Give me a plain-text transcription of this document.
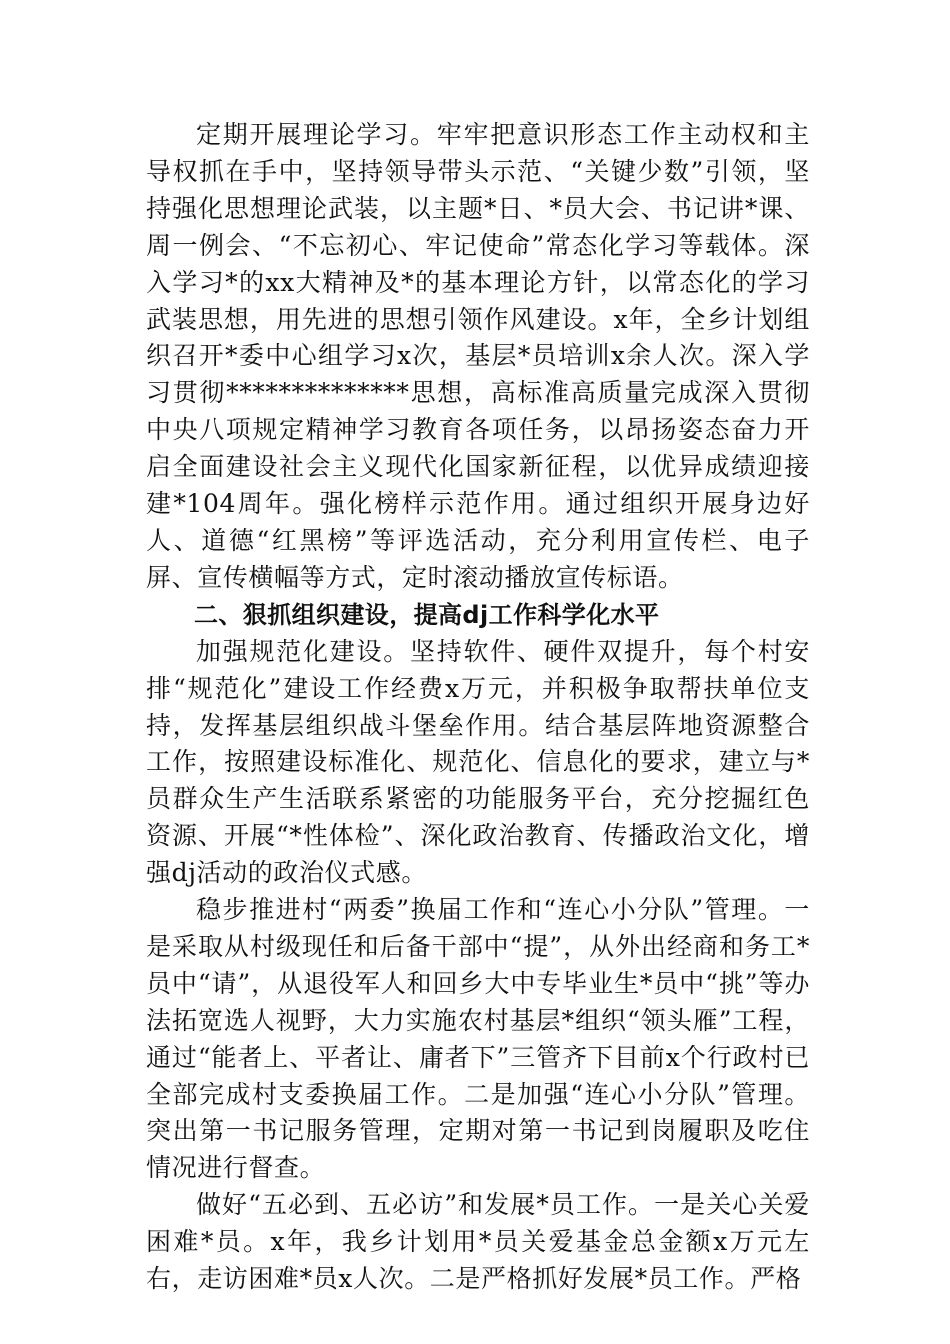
定期开展理论学习。牢牢把意识形态工作主动权和主导权抓在手中，坚持领导带头示范、“关键少数”引领，坚持强化思想理论武装，以主题*日、*员大会、书记讲*课、周一例会、“不忘初心、牢记使命”常态化学习等载体。深入学习*的xx大精神及*的基本理论方针，以常态化的学习武装思想，用先进的思想引领作风建设。x年，全乡计划组织召开*委中心组学习x次，基层*员培训x余人次。深入学习贯彻**************思想，高标准高质量完成深入贯彻中央八项规定精神学习教育各项任务，以昂扬姿态奋力开启全面建设社会主义现代化国家新征程，以优异成绩迎接建*104周年。强化榜样示范作用。通过组织开展身边好人、道德“红黑榜”等评选活动，充分利用宣传栏、电子屏、宣传横幅等方式，定时滚动播放宣传标语。

二、狠抓组织建设，提高dj工作科学化水平

加强规范化建设。坚持软件、硬件双提升，每个村安排“规范化”建设工作经费x万元，并积极争取帮扶单位支持，发挥基层组织战斗堡垒作用。结合基层阵地资源整合工作，按照建设标准化、规范化、信息化的要求，建立与*员群众生产生活联系紧密的功能服务平台，充分挖掘红色资源、开展“*性体检”、深化政治教育、传播政治文化，增强dj活动的政治仪式感。

稳步推进村“两委”换届工作和“连心小分队”管理。一是采取从村级现任和后备干部中“提”，从外出经商和务工*员中“请”，从退役军人和回乡大中专毕业生*员中“挑”等办法拓宽选人视野，大力实施农村基层*组织“领头雁”工程，通过“能者上、平者让、庸者下”三管齐下目前x个行政村已全部完成村支委换届工作。二是加强“连心小分队”管理。突出第一书记服务管理，定期对第一书记到岗履职及吃住情况进行督查。

做好“五必到、五必访”和发展*员工作。一是关心关爱困难*员。x年，我乡计划用*员关爱基金总金额x万元左右，走访困难*员x人次。二是严格抓好发展*员工作。严格
